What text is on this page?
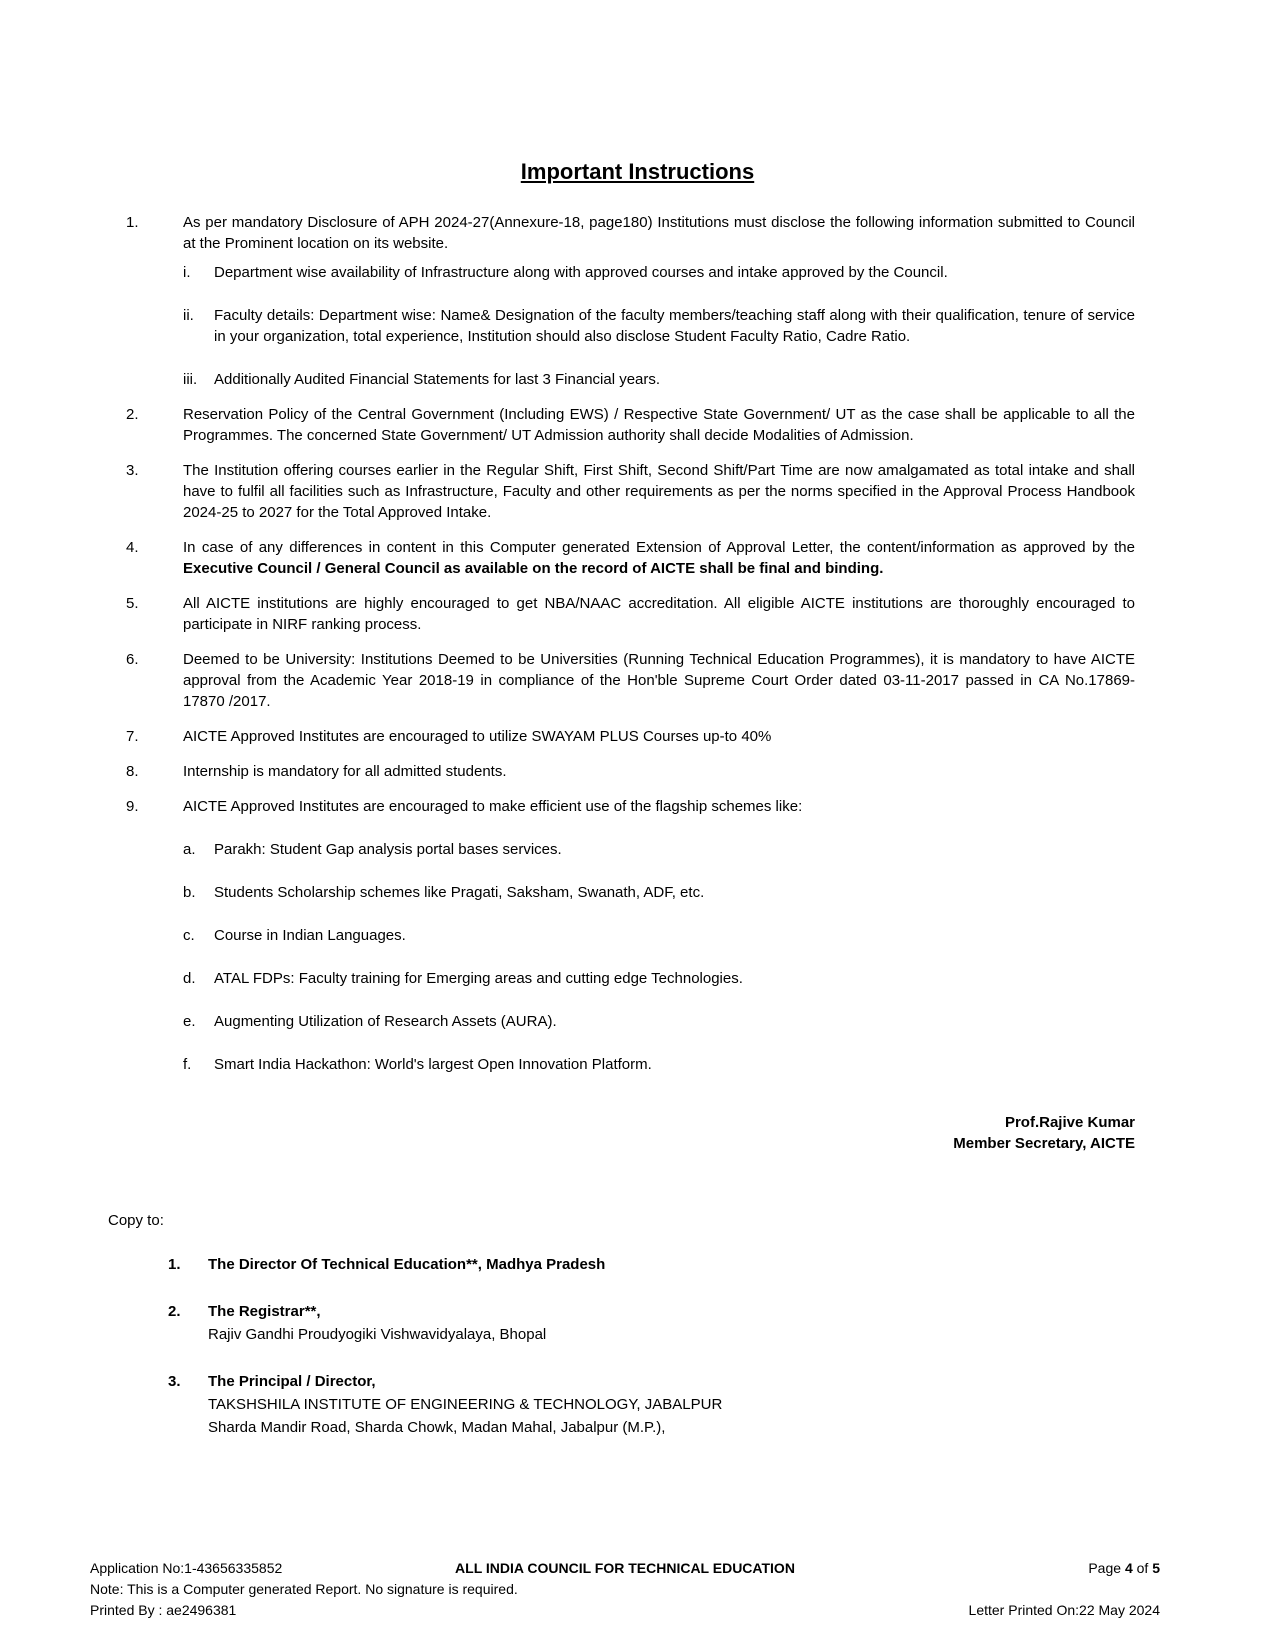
Important Instructions
1.	As per mandatory Disclosure of APH 2024-27(Annexure-18, page180) Institutions must disclose the following information submitted to Council at the Prominent location on its website.
i.	Department wise availability of Infrastructure along with approved courses and intake approved by the Council.
ii.	Faculty details: Department wise: Name& Designation of the faculty members/teaching staff along with their qualification, tenure of service in your organization, total experience, Institution should also disclose Student Faculty Ratio, Cadre Ratio.
iii.	Additionally Audited Financial Statements for last 3 Financial years.
2.	Reservation Policy of the Central Government (Including EWS) / Respective State Government/ UT as the case shall be applicable to all the Programmes. The concerned State Government/ UT Admission authority shall decide Modalities of Admission.
3.	The Institution offering courses earlier in the Regular Shift, First Shift, Second Shift/Part Time are now amalgamated as total intake and shall have to fulfil all facilities such as Infrastructure, Faculty and other requirements as per the norms specified in the Approval Process Handbook 2024-25 to 2027 for the Total Approved Intake.
4.	In case of any differences in content in this Computer generated Extension of Approval Letter, the content/information as approved by the Executive Council / General Council as available on the record of AICTE shall be final and binding.
5.	All AICTE institutions are highly encouraged to get NBA/NAAC accreditation. All eligible AICTE institutions are thoroughly encouraged to participate in NIRF ranking process.
6.	Deemed to be University: Institutions Deemed to be Universities (Running Technical Education Programmes), it is mandatory to have AICTE approval from the Academic Year 2018-19 in compliance of the Hon'ble Supreme Court Order dated 03-11-2017 passed in CA No.17869- 17870 /2017.
7.	AICTE Approved Institutes are encouraged to utilize SWAYAM PLUS Courses up-to 40%
8.	Internship is mandatory for all admitted students.
9.	AICTE Approved Institutes are encouraged to make efficient use of the flagship schemes like:
a.	Parakh: Student Gap analysis portal bases services.
b.	Students Scholarship schemes like Pragati, Saksham, Swanath, ADF, etc.
c.	Course in Indian Languages.
d.	ATAL FDPs: Faculty training for Emerging areas and cutting edge Technologies.
e.	Augmenting Utilization of Research Assets (AURA).
f.	Smart India Hackathon: World's largest Open Innovation Platform.
Prof.Rajive Kumar
Member Secretary, AICTE
Copy to:
1.	The Director Of Technical Education**, Madhya Pradesh
2.	The Registrar**,
Rajiv Gandhi Proudyogiki Vishwavidyalaya, Bhopal
3.	The Principal / Director,
TAKSHSHILA INSTITUTE OF ENGINEERING & TECHNOLOGY, JABALPUR
Sharda Mandir Road, Sharda Chowk, Madan Mahal, Jabalpur (M.P.),
Application No:1-43656335852	ALL INDIA COUNCIL FOR TECHNICAL EDUCATION	Page 4 of 5
Note: This is a Computer generated Report. No signature is required.
Printed By : ae2496381	Letter Printed On:22 May 2024
